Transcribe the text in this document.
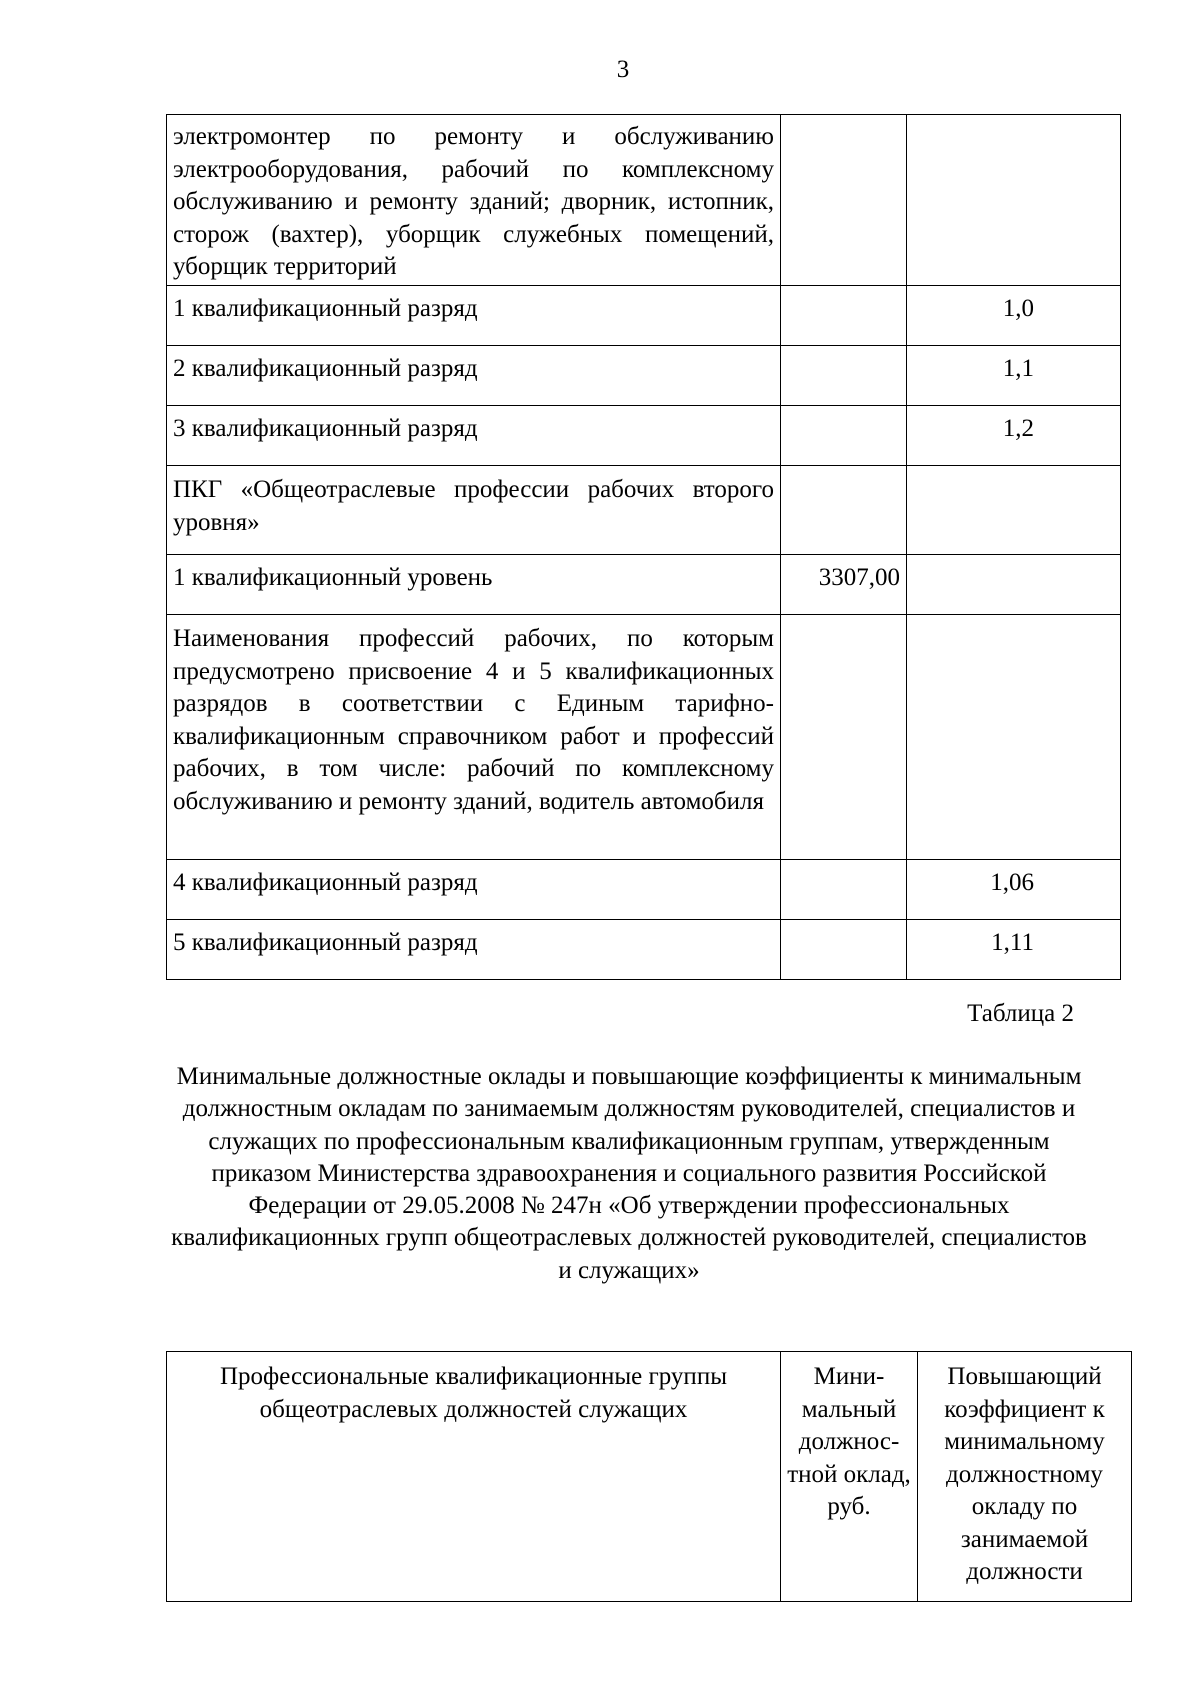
3
электромонтер по ремонту и обслуживанию электрооборудования, рабочий по комплексному обслуживанию и ремонту зданий; дворник, истопник, сторож (вахтер), уборщик служебных помещений, уборщик территорий		
1 квалификационный разряд		1,0
2 квалификационный разряд		1,1
3 квалификационный разряд		1,2
ПКГ «Общеотраслевые профессии рабочих второго уровня»		
1 квалификационный уровень	3307,00	
Наименования профессий рабочих, по которым предусмотрено присвоение 4 и 5 квалификационных разрядов в соответствии с Единым тарифно-квалификационным справочником работ и профессий рабочих, в том числе: рабочий по комплексному обслуживанию и ремонту зданий, водитель автомобиля		
4 квалификационный разряд		1,06
5 квалификационный разряд		1,11
Таблица 2
Минимальные должностные оклады и повышающие коэффициенты к минимальным должностным окладам по занимаемым должностям руководителей, специалистов и служащих по профессиональным квалификационным группам, утвержденным приказом Министерства здравоохранения и социального развития Российской Федерации от 29.05.2008 № 247н «Об утверждении профессиональных квалификационных групп общеотраслевых должностей руководителей, специалистов и служащих»
Профессиональные квалификационные группы общеотраслевых должностей служащих	Мини-мальный должнос-тной оклад, руб.	Повышающий коэффициент к минимальному должностному окладу по занимаемой должности
